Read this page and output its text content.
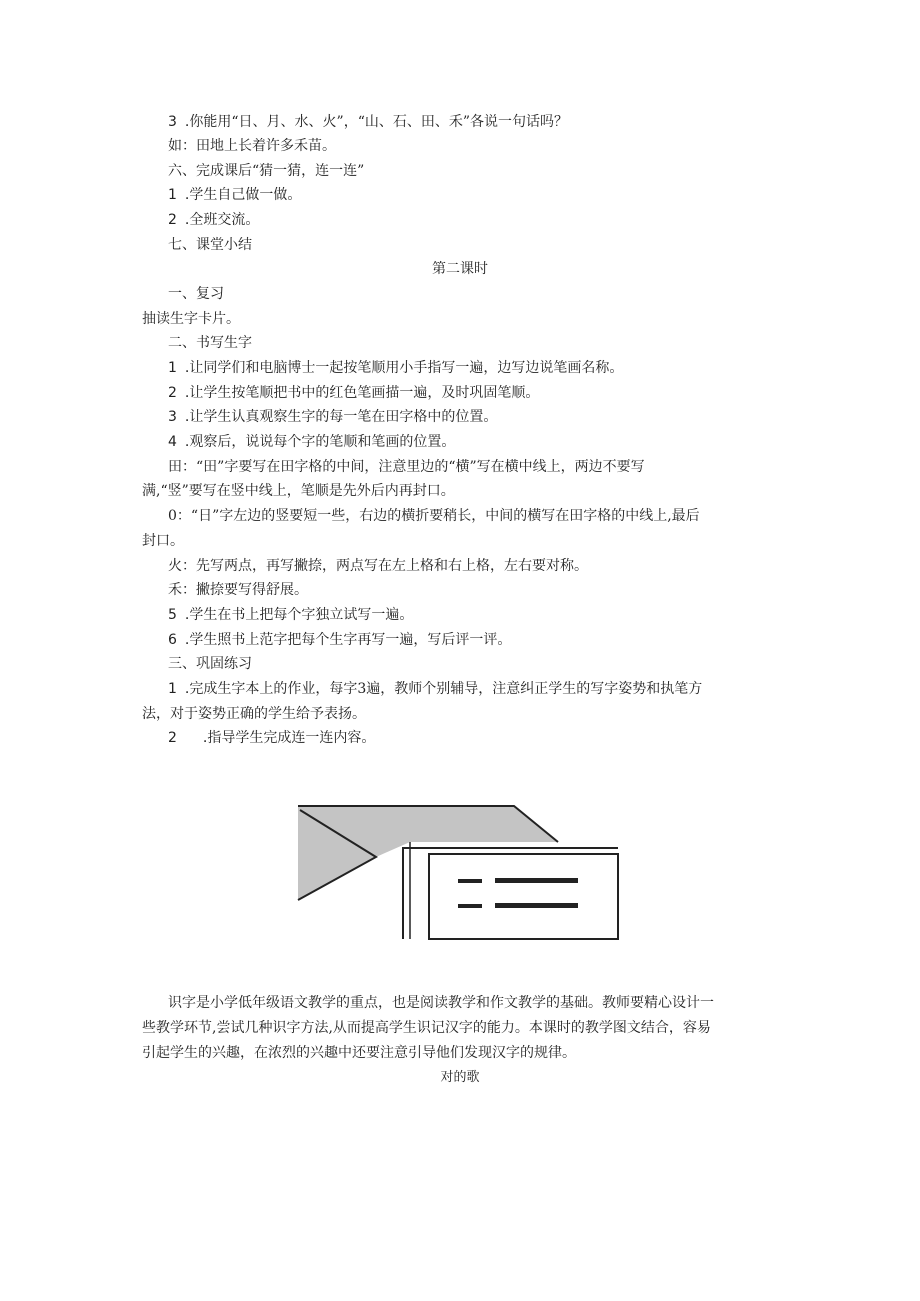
3 .你能用“日、月、水、火”，“山、石、田、禾”各说一句话吗？
如：田地上长着许多禾苗。
六、完成课后“猜一猜，连一连”
1 .学生自己做一做。
2 .全班交流。
七、课堂小结
第二课时
一、复习
抽读生字卡片。
二、书写生字
1 .让同学们和电脑博士一起按笔顺用小手指写一遍，边写边说笔画名称。
2 .让学生按笔顺把书中的红色笔画描一遍，及时巩固笔顺。
3 .让学生认真观察生字的每一笔在田字格中的位置。
4 .观察后，说说每个字的笔顺和笔画的位置。
田：“田”字要写在田字格的中间，注意里边的“横”写在横中线上，两边不要写
满,“竖”要写在竖中线上，笔顺是先外后内再封口。
0：“日”字左边的竖要短一些，右边的横折要稍长，中间的横写在田字格的中线上,最后
封口。
火：先写两点，再写撇捺，两点写在左上格和右上格，左右要对称。
禾：撇捺要写得舒展。
5 .学生在书上把每个字独立试写一遍。
6 .学生照书上范字把每个生字再写一遍，写后评一评。
三、巩固练习
1 .完成生字本上的作业，每字3遍，教师个别辅导，注意纠正学生的写字姿势和执笔方
法，对于姿势正确的学生给予表扬。
2 .指导学生完成连一连内容。
识字是小学低年级语文教学的重点，也是阅读教学和作文教学的基础。教师要精心设计一
些教学环节,尝试几种识字方法,从而提高学生识记汉字的能力。本课时的教学图文结合，容易
引起学生的兴趣，在浓烈的兴趣中还要注意引导他们发现汉字的规律。
对的歌
